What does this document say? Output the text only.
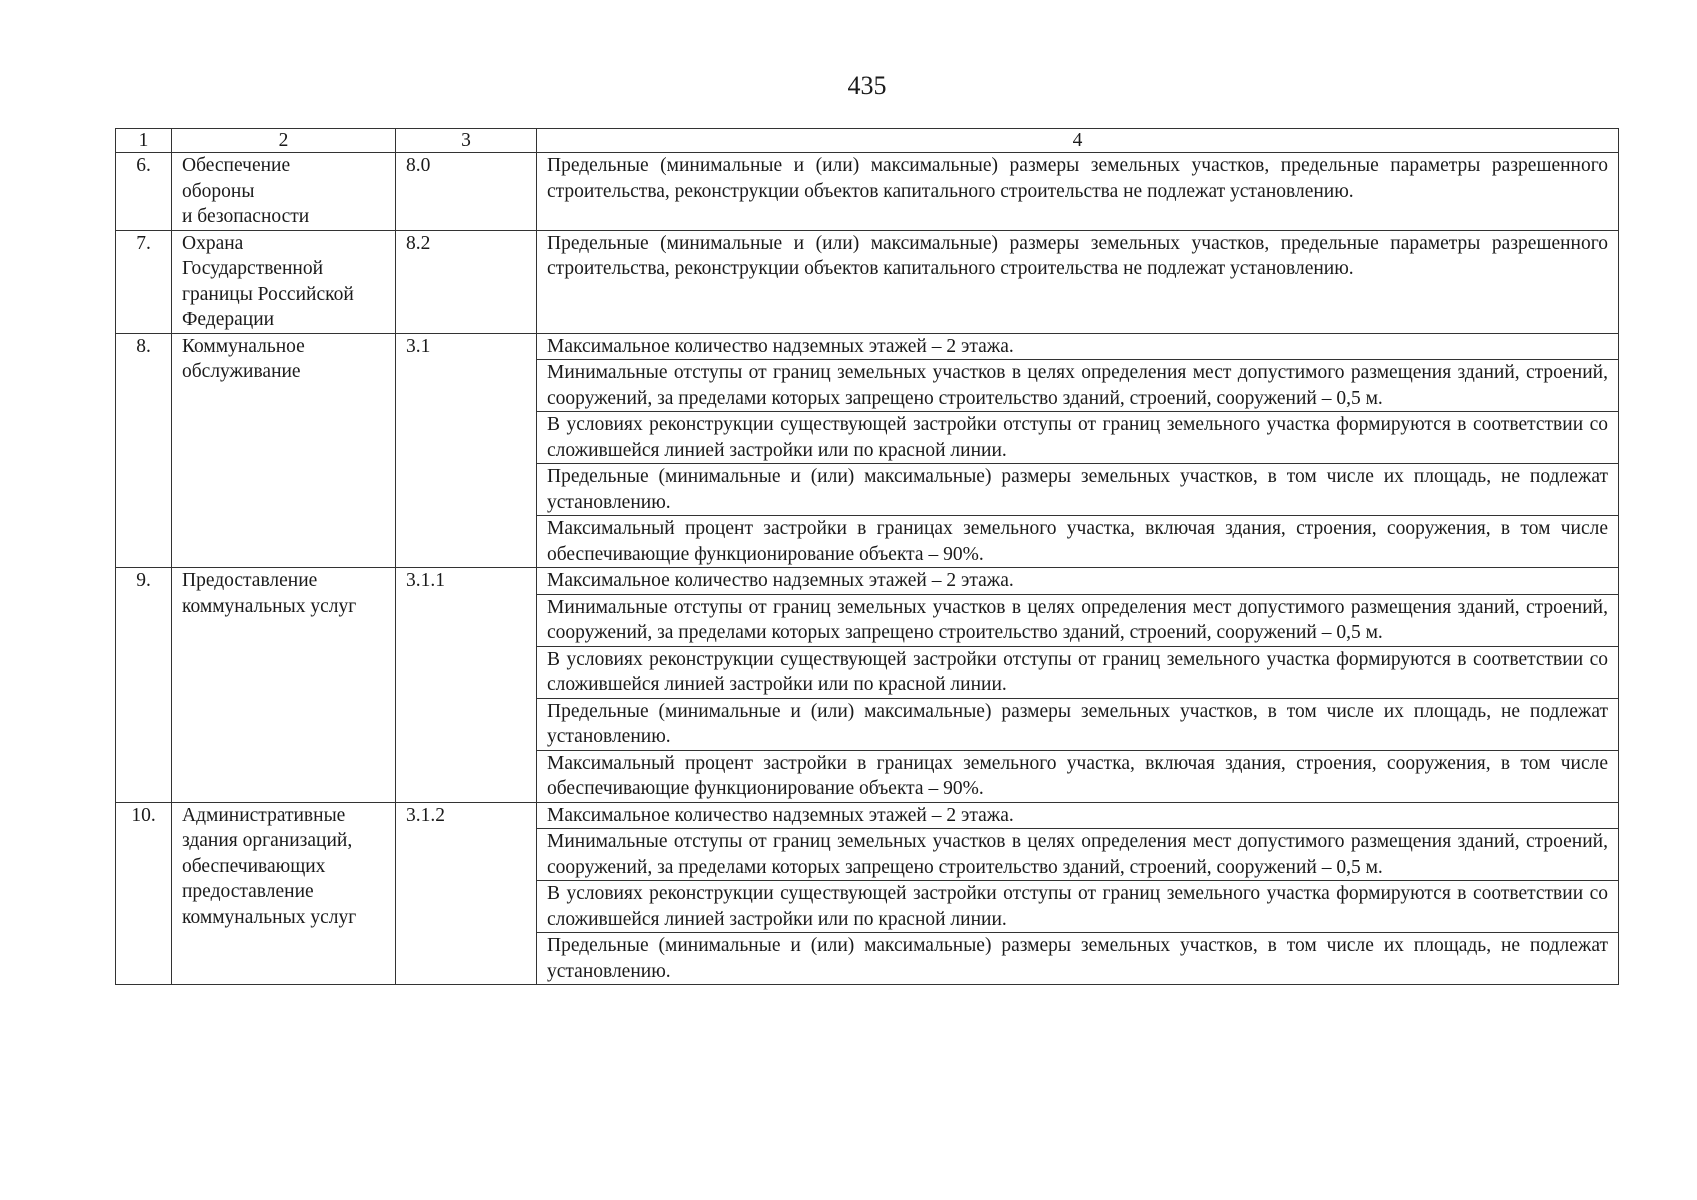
435
1	2	3	4
6.	Обеспечение
обороны
и безопасности	8.0	Предельные (минимальные и (или) максимальные) размеры земельных участков, предельные параметры разрешенного строительства, реконструкции объектов капитального строительства не подлежат установлению.
7.	Охрана
Государственной
границы Российской
Федерации	8.2	Предельные (минимальные и (или) максимальные) размеры земельных участков, предельные параметры разрешенного строительства, реконструкции объектов капитального строительства не подлежат установлению.
8.	Коммунальное
обслуживание	3.1	Максимальное количество надземных этажей – 2 этажа.
			Минимальные отступы от границ земельных участков в целях определения мест допустимого размещения зданий, строений, сооружений, за пределами которых запрещено строительство зданий, строений, сооружений – 0,5 м.
			В условиях реконструкции существующей застройки отступы от границ земельного участка формируются в соответствии со сложившейся линией застройки или по красной линии.
			Предельные (минимальные и (или) максимальные) размеры земельных участков, в том числе их площадь, не подлежат установлению.
			Максимальный процент застройки в границах земельного участка, включая здания, строения, сооружения, в том числе обеспечивающие функционирование объекта – 90%.
9.	Предоставление
коммунальных услуг	3.1.1	Максимальное количество надземных этажей – 2 этажа.
			Минимальные отступы от границ земельных участков в целях определения мест допустимого размещения зданий, строений, сооружений, за пределами которых запрещено строительство зданий, строений, сооружений – 0,5 м.
			В условиях реконструкции существующей застройки отступы от границ земельного участка формируются в соответствии со сложившейся линией застройки или по красной линии.
			Предельные (минимальные и (или) максимальные) размеры земельных участков, в том числе их площадь, не подлежат установлению.
			Максимальный процент застройки в границах земельного участка, включая здания, строения, сооружения, в том числе обеспечивающие функционирование объекта – 90%.
10.	Административные
здания организаций,
обеспечивающих
предоставление
коммунальных услуг	3.1.2	Максимальное количество надземных этажей – 2 этажа.
			Минимальные отступы от границ земельных участков в целях определения мест допустимого размещения зданий, строений, сооружений, за пределами которых запрещено строительство зданий, строений, сооружений – 0,5 м.
			В условиях реконструкции существующей застройки отступы от границ земельного участка формируются в соответствии со сложившейся линией застройки или по красной линии.
			Предельные (минимальные и (или) максимальные) размеры земельных участков, в том числе их площадь, не подлежат установлению.
